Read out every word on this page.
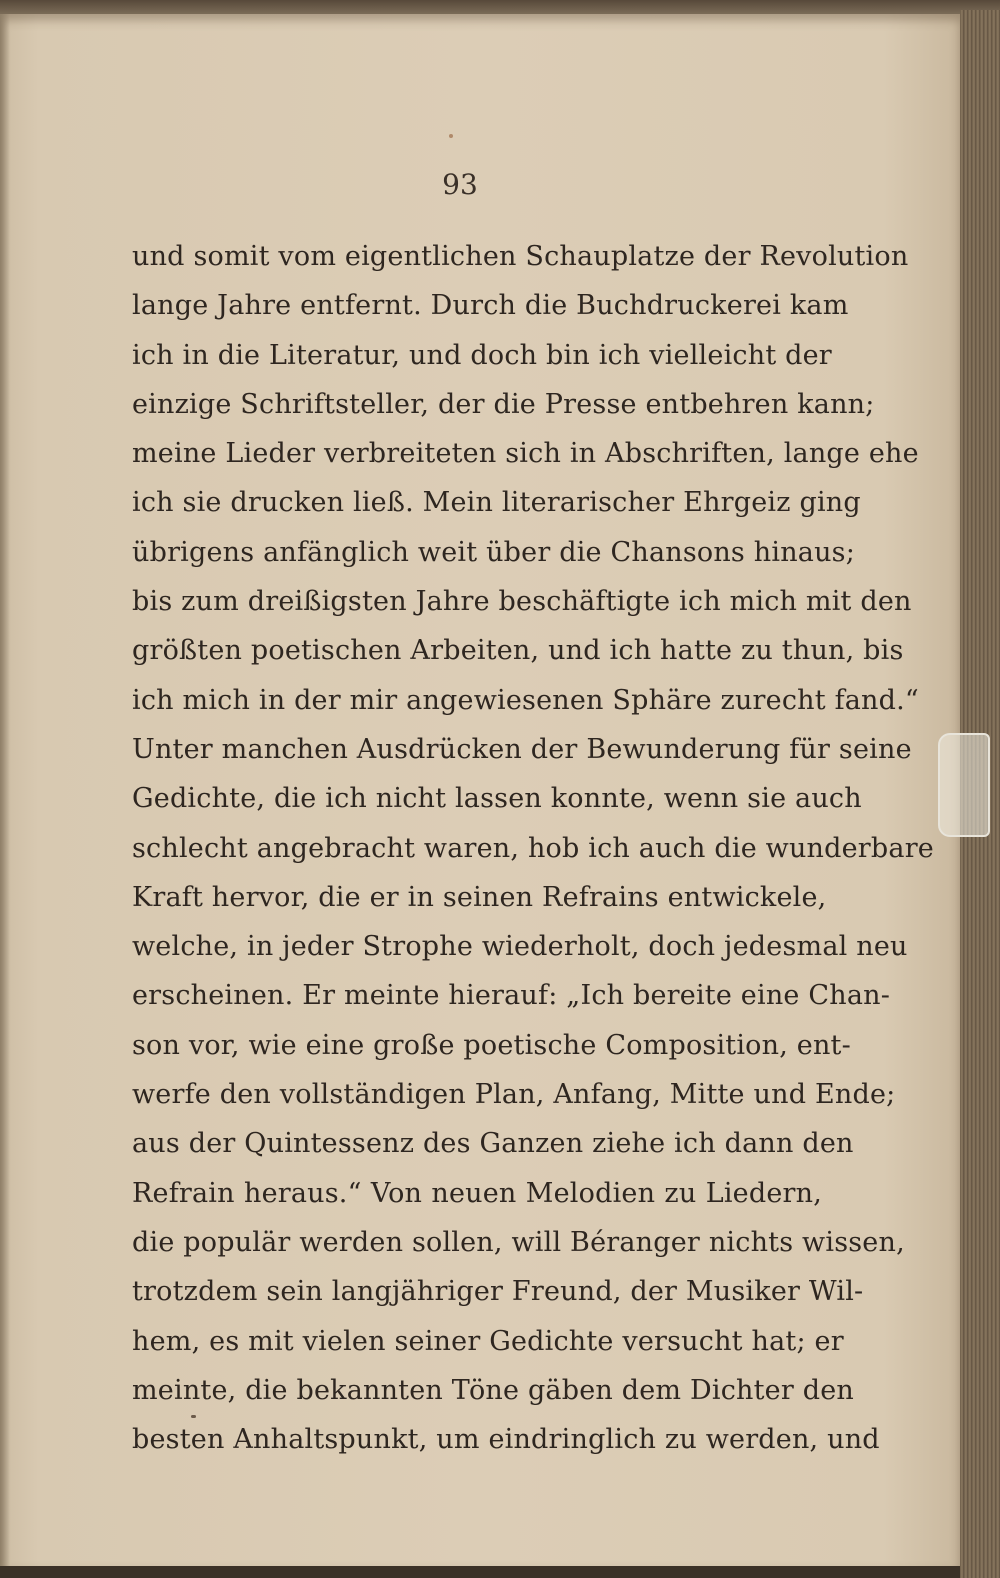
93
und somit vom eigentlichen Schauplatze der Revolution
lange Jahre entfernt. Durch die Buchdruckerei kam
ich in die Literatur, und doch bin ich vielleicht der
einzige Schriftsteller, der die Presse entbehren kann;
meine Lieder verbreiteten sich in Abschriften, lange ehe
ich sie drucken ließ. Mein literarischer Ehrgeiz ging
übrigens anfänglich weit über die Chansons hinaus;
bis zum dreißigsten Jahre beschäftigte ich mich mit den
größten poetischen Arbeiten, und ich hatte zu thun, bis
ich mich in der mir angewiesenen Sphäre zurecht fand.“
Unter manchen Ausdrücken der Bewunderung für seine
Gedichte, die ich nicht lassen konnte, wenn sie auch
schlecht angebracht waren, hob ich auch die wunderbare
Kraft hervor, die er in seinen Refrains entwickele,
welche, in jeder Strophe wiederholt, doch jedesmal neu
erscheinen. Er meinte hierauf: „Ich bereite eine Chan-
son vor, wie eine große poetische Composition, ent-
werfe den vollständigen Plan, Anfang, Mitte und Ende;
aus der Quintessenz des Ganzen ziehe ich dann den
Refrain heraus.“ Von neuen Melodien zu Liedern,
die populär werden sollen, will Béranger nichts wissen,
trotzdem sein langjähriger Freund, der Musiker Wil-
hem, es mit vielen seiner Gedichte versucht hat; er
meinte, die bekannten Töne gäben dem Dichter den
besten Anhaltspunkt, um eindringlich zu werden, und
